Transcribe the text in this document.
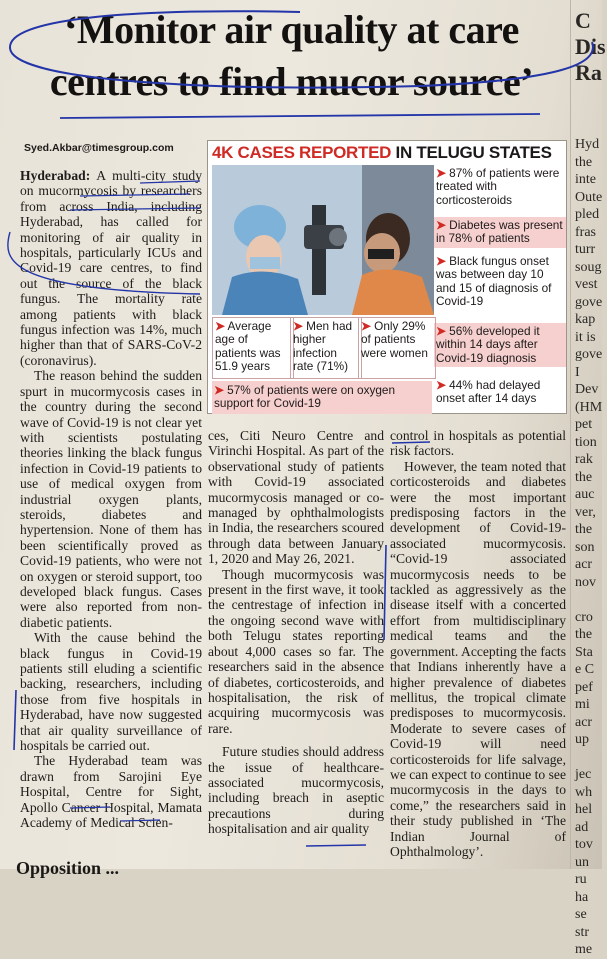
‘Monitor air quality at care
centres to find mucor source’
Syed.Akbar@timesgroup.com

Hyderabad: A multi-city study on mucormycosis by researchers from across India, including Hyderabad, has called for monitoring of air quality in hospitals, particularly ICUs and Covid-19 care centres, to find out the source of the black fungus. The mortality rate among patients with black fungus infection was 14%, much higher than that of SARS-CoV-2 (coronavirus).

The reason behind the sudden spurt in mucormycosis cases in the country during the second wave of Covid-19 is not clear yet with scientists postulating theories linking the black fungus infection in Covid-19 patients to use of medical oxygen from industrial oxygen plants, steroids, diabetes and hypertension. None of them has been scientifically proved as Covid-19 patients, who were not on oxygen or steroid support, too developed black fungus. Cases were also reported from non-diabetic patients.

With the cause behind the black fungus in Covid-19 patients still eluding a scientific backing, researchers, including those from five hospitals in Hyderabad, have now suggested that air quality surveillance of hospitals be carried out.

The Hyderabad team was drawn from Sarojini Eye Hospital, Centre for Sight, Apollo Cancer Hospital, Mamata Academy of Medical Scien-

ces, Citi Neuro Centre and Virinchi Hospital. As part of the observational study of patients with Covid-19 associated mucormycosis managed or co-managed by ophthalmologists in India, the researchers scoured through data between January 1, 2020 and May 26, 2021.

Though mucormycosis was present in the first wave, it took the centrestage of infection in the ongoing second wave with both Telugu states reporting about 4,000 cases so far. The researchers said in the absence of diabetes, corticosteroids, and hospitalisation, the risk of acquiring mucormycosis was rare.

Future studies should address the issue of healthcare-associated mucormycosis, including breach in aseptic precautions during hospitalisation and air quality

control in hospitals as potential risk factors.

However, the team noted that corticosteroids and diabetes were the most important predisposing factors in the development of Covid-19-associated mucormycosis. “Covid-19 associated mucormycosis needs to be tackled as aggressively as the disease itself with a concerted effort from multidisciplinary medical teams and the government. Accepting the facts that Indians inherently have a higher prevalence of diabetes mellitus, the tropical climate predisposes to mucormycosis. Moderate to severe cases of Covid-19 will need corticosteroids for life salvage, we can expect to continue to see mucormycosis in the days to come,” the researchers said in their study published in ‘The Indian Journal of Ophthalmology’.

4K CASES REPORTED IN TELUGU STATES
➤ 87% of patients were treated with corticosteroids
➤ Diabetes was present in 78% of patients
➤ Black fungus onset was between day 10 and 15 of diagnosis of Covid-19
➤ 56% developed it within 14 days after Covid-19 diagnosis
➤ 44% had delayed onset after 14 days
➤ Average age of patients was 51.9 years
➤ Men had higher infection rate (71%)
➤ Only 29% of patients were women
➤ 57% of patients were on oxygen support for Covid-19
C
Dis
Ra
Hyd
the
inte
Oute
pled
fras
turr
soug
vest
gove
kap
it is
gove
I
Dev
(HM
pet
tion
rak
the
auc
ver,
the
son
acr
nov

cro
the
Sta
e C
pef
mi
acr
up

jec
wh
hel
ad
tov
un
ru
ha
se
str
me
Opposition ...
